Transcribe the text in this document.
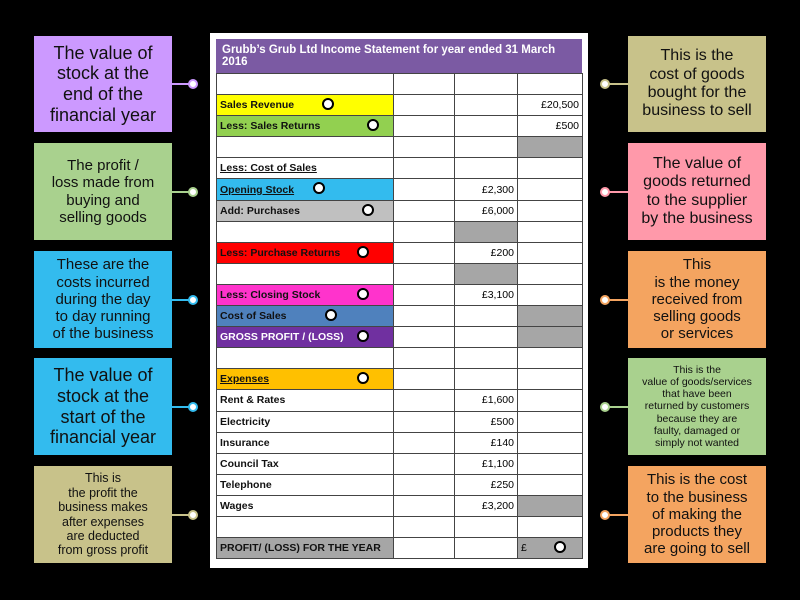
The value of
stock at the
end of the
financial year
The profit /
loss made from
buying and
selling goods
These are the
costs incurred
during the day
to day running
of the business
The value of
stock at the
start of the
financial year
This is
the profit the
business makes
after expenses
are deducted
from gross profit
This is the
cost of goods
bought for the
business to sell
The value of
goods returned
to the supplier
by the business
This
is the money
received from
selling goods
or services
This is the
value of goods/services
that have been
returned by customers
because they are
faulty, damaged or
simply not wanted
This is the cost
to the business
of making the
products they
are going to sell
Grubb’s Grub Ltd Income Statement for year ended 31 March 2016

Sales Revenue			£20,500
Less: Sales Returns			£500

Less: Cost of Sales			
Opening Stock		£2,300	
Add: Purchases		£6,000	

Less: Purchase Returns		£200	

Less: Closing Stock		£3,100	
Cost of Sales

GROSS PROFIT / (LOSS)

Expenses

Rent & Rates		£1,600	
Electricity		£500	
Insurance		£140	
Council Tax		£1,100	
Telephone		£250	
Wages		£3,200	

PROFIT/ (LOSS) FOR THE YEAR			£
